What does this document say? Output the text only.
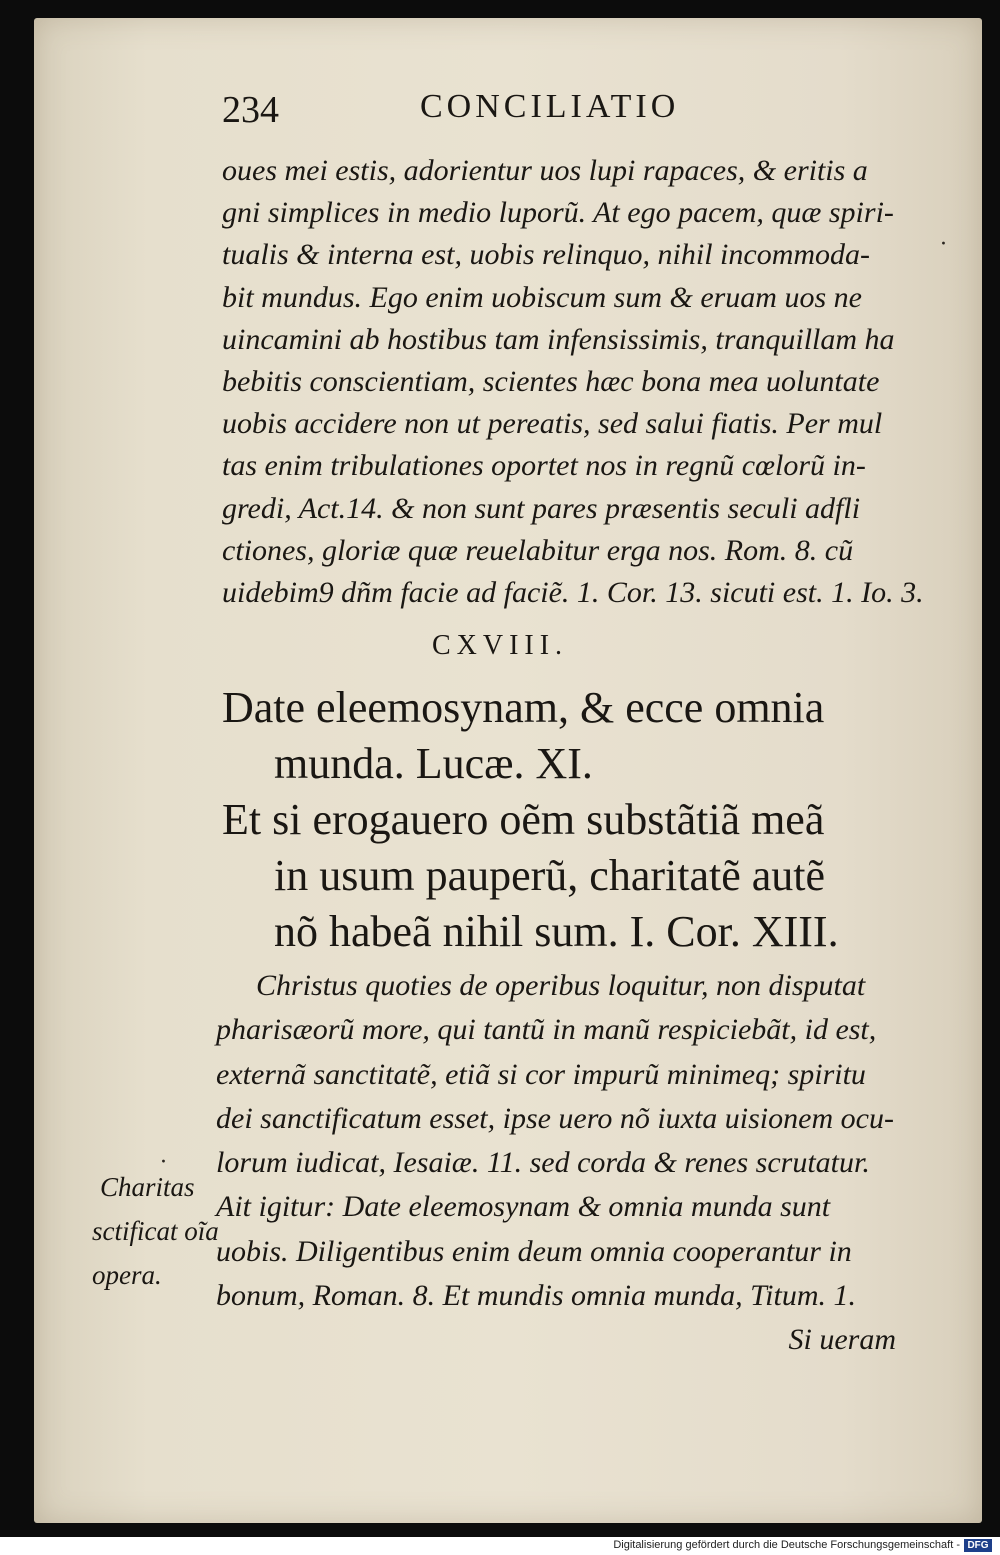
234	CONCILIATIO
oues mei estis, adorientur uos lupi rapaces, & eritis a
gni simplices in medio luporũ. At ego pacem, quæ spiri-
tualis & interna est, uobis relinquo, nihil incommoda-
bit mundus. Ego enim uobiscum sum & eruam uos ne
uincamini ab hostibus tam infensissimis, tranquillam ha
bebitis conscientiam, scientes hæc bona mea uoluntate
uobis accidere non ut pereatis, sed salui fiatis. Per mul
tas enim tribulationes oportet nos in regnũ cœlorũ in-
gredi, Act.14. & non sunt pares præsentis seculi adfli
ctiones, gloriæ quæ reuelabitur erga nos. Rom. 8. cũ
uidebim9 dñm facie ad faciẽ. 1. Cor. 13. sicuti est. 1. Io. 3.
CXVIII.
Date eleemosynam, & ecce omnia
munda. Lucæ. XI.
Et si erogauero oẽm substãtiã meã
in usum pauperũ, charitatẽ autẽ
nõ habeã nihil sum. I. Cor. XIII.
Christus quoties de operibus loquitur, non disputat
pharisæorũ more, qui tantũ in manũ respiciebãt, id est,
externã sanctitatẽ, etiã si cor impurũ minimeq; spiritu
dei sanctificatum esset, ipse uero nõ iuxta uisionem ocu-
lorum iudicat, Iesaiæ. 11. sed corda & renes scrutatur.
Ait igitur: Date eleemosynam & omnia munda sunt
uobis. Diligentibus enim deum omnia cooperantur in
bonum, Roman. 8. Et mundis omnia munda, Titum. 1.
Si ueram
Charitas
sctificat oĩa
opera.
·
·
Digitalisierung gefördert durch die Deutsche Forschungsgemeinschaft - DFG
